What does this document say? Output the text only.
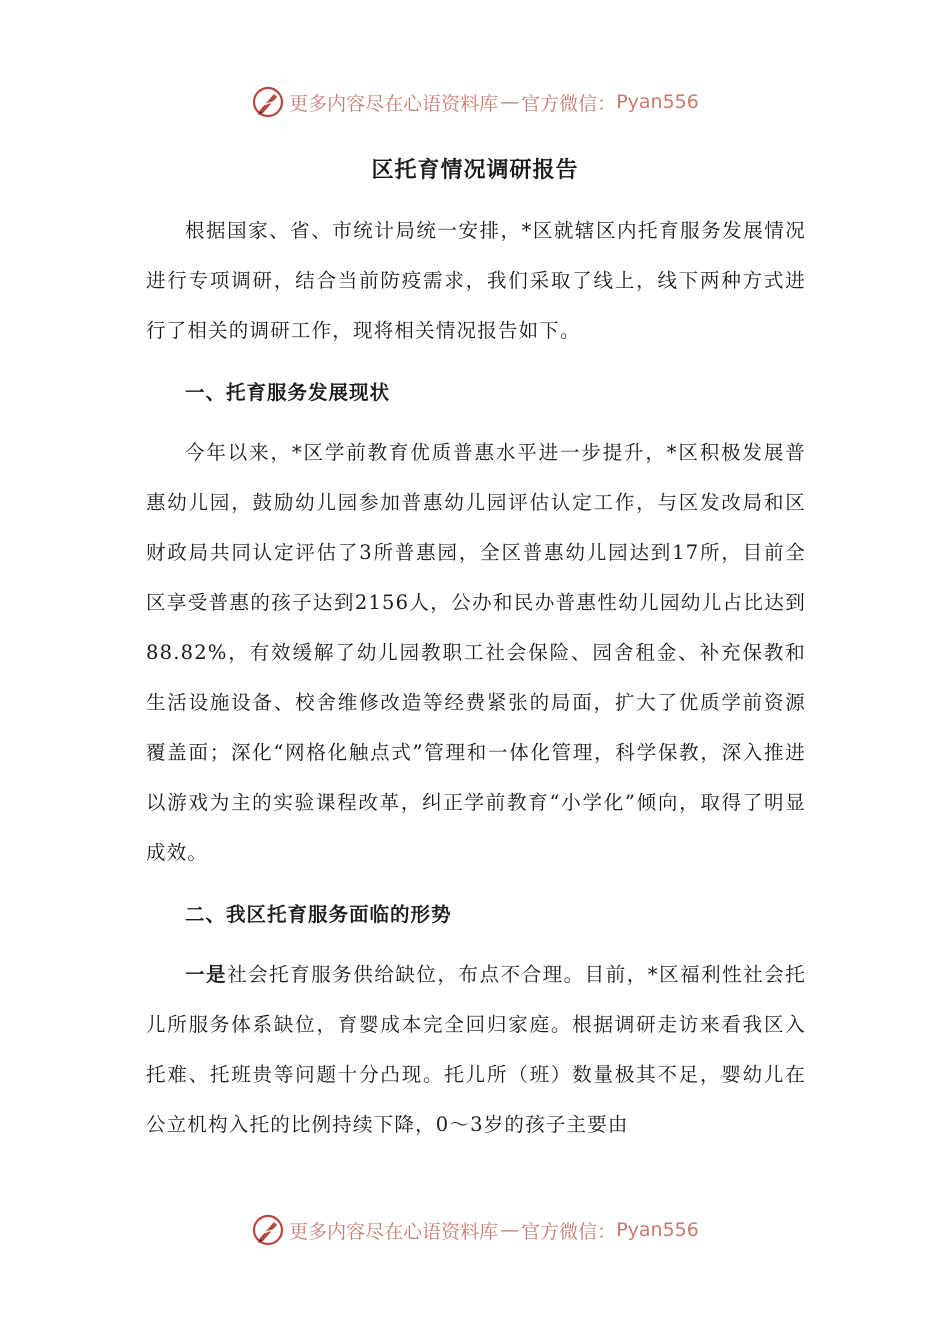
更多内容尽在心语资料库 — 官方微信： Pyan556
区托育情况调研报告

根据国家、省、市统计局统一安排，*区就辖区内托育服务发展情况进行专项调研，结合当前防疫需求，我们采取了线上，线下两种方式进行了相关的调研工作，现将相关情况报告如下。

一、托育服务发展现状

今年以来，*区学前教育优质普惠水平进一步提升，*区积极发展普惠幼儿园，鼓励幼儿园参加普惠幼儿园评估认定工作，与区发改局和区财政局共同认定评估了3所普惠园，全区普惠幼儿园达到17所，目前全区享受普惠的孩子达到2156人，公办和民办普惠性幼儿园幼儿占比达到88.82%，有效缓解了幼儿园教职工社会保险、园舍租金、补充保教和生活设施设备、校舍维修改造等经费紧张的局面，扩大了优质学前资源覆盖面；深化“网格化触点式”管理和一体化管理，科学保教，深入推进以游戏为主的实验课程改革，纠正学前教育“小学化”倾向，取得了明显成效。

二、我区托育服务面临的形势

一是社会托育服务供给缺位，布点不合理。目前，*区福利性社会托儿所服务体系缺位，育婴成本完全回归家庭。根据调研走访来看我区入托难、托班贵等问题十分凸现。托儿所（班）数量极其不足，婴幼儿在公立机构入托的比例持续下降，0～3岁的孩子主要由

更多内容尽在心语资料库 — 官方微信： Pyan556
